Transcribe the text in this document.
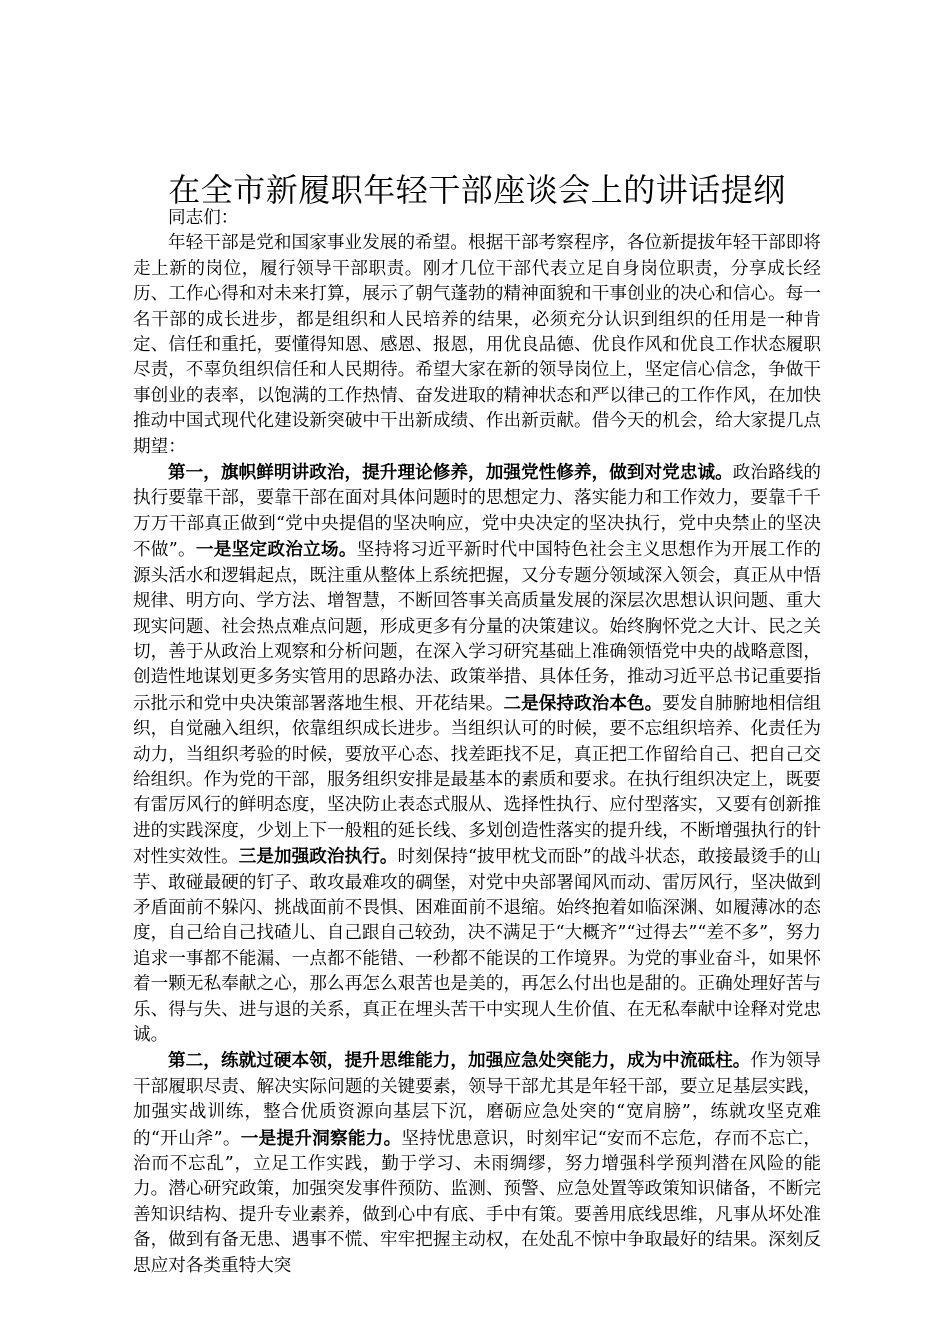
在全市新履职年轻干部座谈会上的讲话提纲

同志们：

年轻干部是党和国家事业发展的希望。根据干部考察程序，各位新提拔年轻干部即将走上新的岗位，履行领导干部职责。刚才几位干部代表立足自身岗位职责，分享成长经历、工作心得和对未来打算，展示了朝气蓬勃的精神面貌和干事创业的决心和信心。每一名干部的成长进步，都是组织和人民培养的结果，必须充分认识到组织的任用是一种肯定、信任和重托，要懂得知恩、感恩、报恩，用优良品德、优良作风和优良工作状态履职尽责，不辜负组织信任和人民期待。希望大家在新的领导岗位上，坚定信心信念，争做干事创业的表率，以饱满的工作热情、奋发进取的精神状态和严以律己的工作作风，在加快推动中国式现代化建设新突破中干出新成绩、作出新贡献。借今天的机会，给大家提几点期望：

第一，旗帜鲜明讲政治，提升理论修养，加强党性修养，做到对党忠诚。政治路线的执行要靠干部，要靠干部在面对具体问题时的思想定力、落实能力和工作效力，要靠千千万万干部真正做到“党中央提倡的坚决响应，党中央决定的坚决执行，党中央禁止的坚决不做”。一是坚定政治立场。坚持将习近平新时代中国特色社会主义思想作为开展工作的源头活水和逻辑起点，既注重从整体上系统把握，又分专题分领域深入领会，真正从中悟规律、明方向、学方法、增智慧，不断回答事关高质量发展的深层次思想认识问题、重大现实问题、社会热点难点问题，形成更多有分量的决策建议。始终胸怀党之大计、民之关切，善于从政治上观察和分析问题，在深入学习研究基础上准确领悟党中央的战略意图，创造性地谋划更多务实管用的思路办法、政策举措、具体任务，推动习近平总书记重要指示批示和党中央决策部署落地生根、开花结果。二是保持政治本色。要发自肺腑地相信组织，自觉融入组织，依靠组织成长进步。当组织认可的时候，要不忘组织培养、化责任为动力，当组织考验的时候，要放平心态、找差距找不足，真正把工作留给自己、把自己交给组织。作为党的干部，服务组织安排是最基本的素质和要求。在执行组织决定上，既要有雷厉风行的鲜明态度，坚决防止表态式服从、选择性执行、应付型落实，又要有创新推进的实践深度，少划上下一般粗的延长线、多划创造性落实的提升线，不断增强执行的针对性实效性。三是加强政治执行。时刻保持“披甲枕戈而卧”的战斗状态，敢接最烫手的山芋、敢碰最硬的钉子、敢攻最难攻的碉堡，对党中央部署闻风而动、雷厉风行，坚决做到矛盾面前不躲闪、挑战面前不畏惧、困难面前不退缩。始终抱着如临深渊、如履薄冰的态度，自己给自己找碴儿、自己跟自己较劲，决不满足于“大概齐”“过得去”“差不多”，努力追求一事都不能漏、一点都不能错、一秒都不能误的工作境界。为党的事业奋斗，如果怀着一颗无私奉献之心，那么再怎么艰苦也是美的，再怎么付出也是甜的。正确处理好苦与乐、得与失、进与退的关系，真正在埋头苦干中实现人生价值、在无私奉献中诠释对党忠诚。

第二，练就过硬本领，提升思维能力，加强应急处突能力，成为中流砥柱。作为领导干部履职尽责、解决实际问题的关键要素，领导干部尤其是年轻干部，要立足基层实践，加强实战训练，整合优质资源向基层下沉，磨砺应急处突的“宽肩膀”，练就攻坚克难的“开山斧”。一是提升洞察能力。坚持忧患意识，时刻牢记“安而不忘危，存而不忘亡，治而不忘乱”，立足工作实践，勤于学习、未雨绸缪，努力增强科学预判潜在风险的能力。潜心研究政策，加强突发事件预防、监测、预警、应急处置等政策知识储备，不断完善知识结构、提升专业素养，做到心中有底、手中有策。要善用底线思维，凡事从坏处准备，做到有备无患、遇事不慌、牢牢把握主动权，在处乱不惊中争取最好的结果。深刻反思应对各类重特大突
